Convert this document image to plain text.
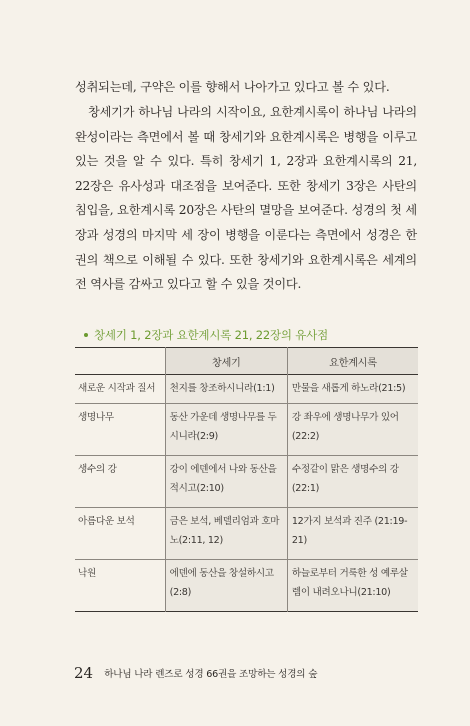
성취되는데, 구약은 이를 향해서 나아가고 있다고 볼 수 있다.

창세기가 하나님 나라의 시작이요, 요한계시록이 하나님 나라의 완성이라는 측면에서 볼 때 창세기와 요한계시록은 병행을 이루고 있는 것을 알 수 있다. 특히 창세기 1, 2장과 요한계시록의 21, 22장은 유사성과 대조점을 보여준다. 또한 창세기 3장은 사탄의 침입을, 요한계시록 20장은 사탄의 멸망을 보여준다. 성경의 첫 세 장과 성경의 마지막 세 장이 병행을 이룬다는 측면에서 성경은 한 권의 책으로 이해될 수 있다. 또한 창세기와 요한계시록은 세계의 전 역사를 감싸고 있다고 할 수 있을 것이다.

창세기 1, 2장과 요한계시록 21, 22장의 유사점
	창세기	요한계시록
새로운 시작과 질서	천지를 창조하시니라(1:1)	만물을 새롭게 하노라(21:5)
생명나무	동산 가운데 생명나무를 두시니라(2:9)	강 좌우에 생명나무가 있어 (22:2)
생수의 강	강이 에덴에서 나와 동산을 적시고(2:10)	수정같이 맑은 생명수의 강 (22:1)
아름다운 보석	금은 보석, 베델리엄과 호마노(2:11, 12)	12가지 보석과 진주 (21:19-21)
낙원	에덴에 동산을 창설하시고 (2:8)	하늘로부터 거룩한 성 예루살렘이 내려오나니(21:10)
24 하나님 나라 렌즈로 성경 66권을 조망하는 성경의 숲
